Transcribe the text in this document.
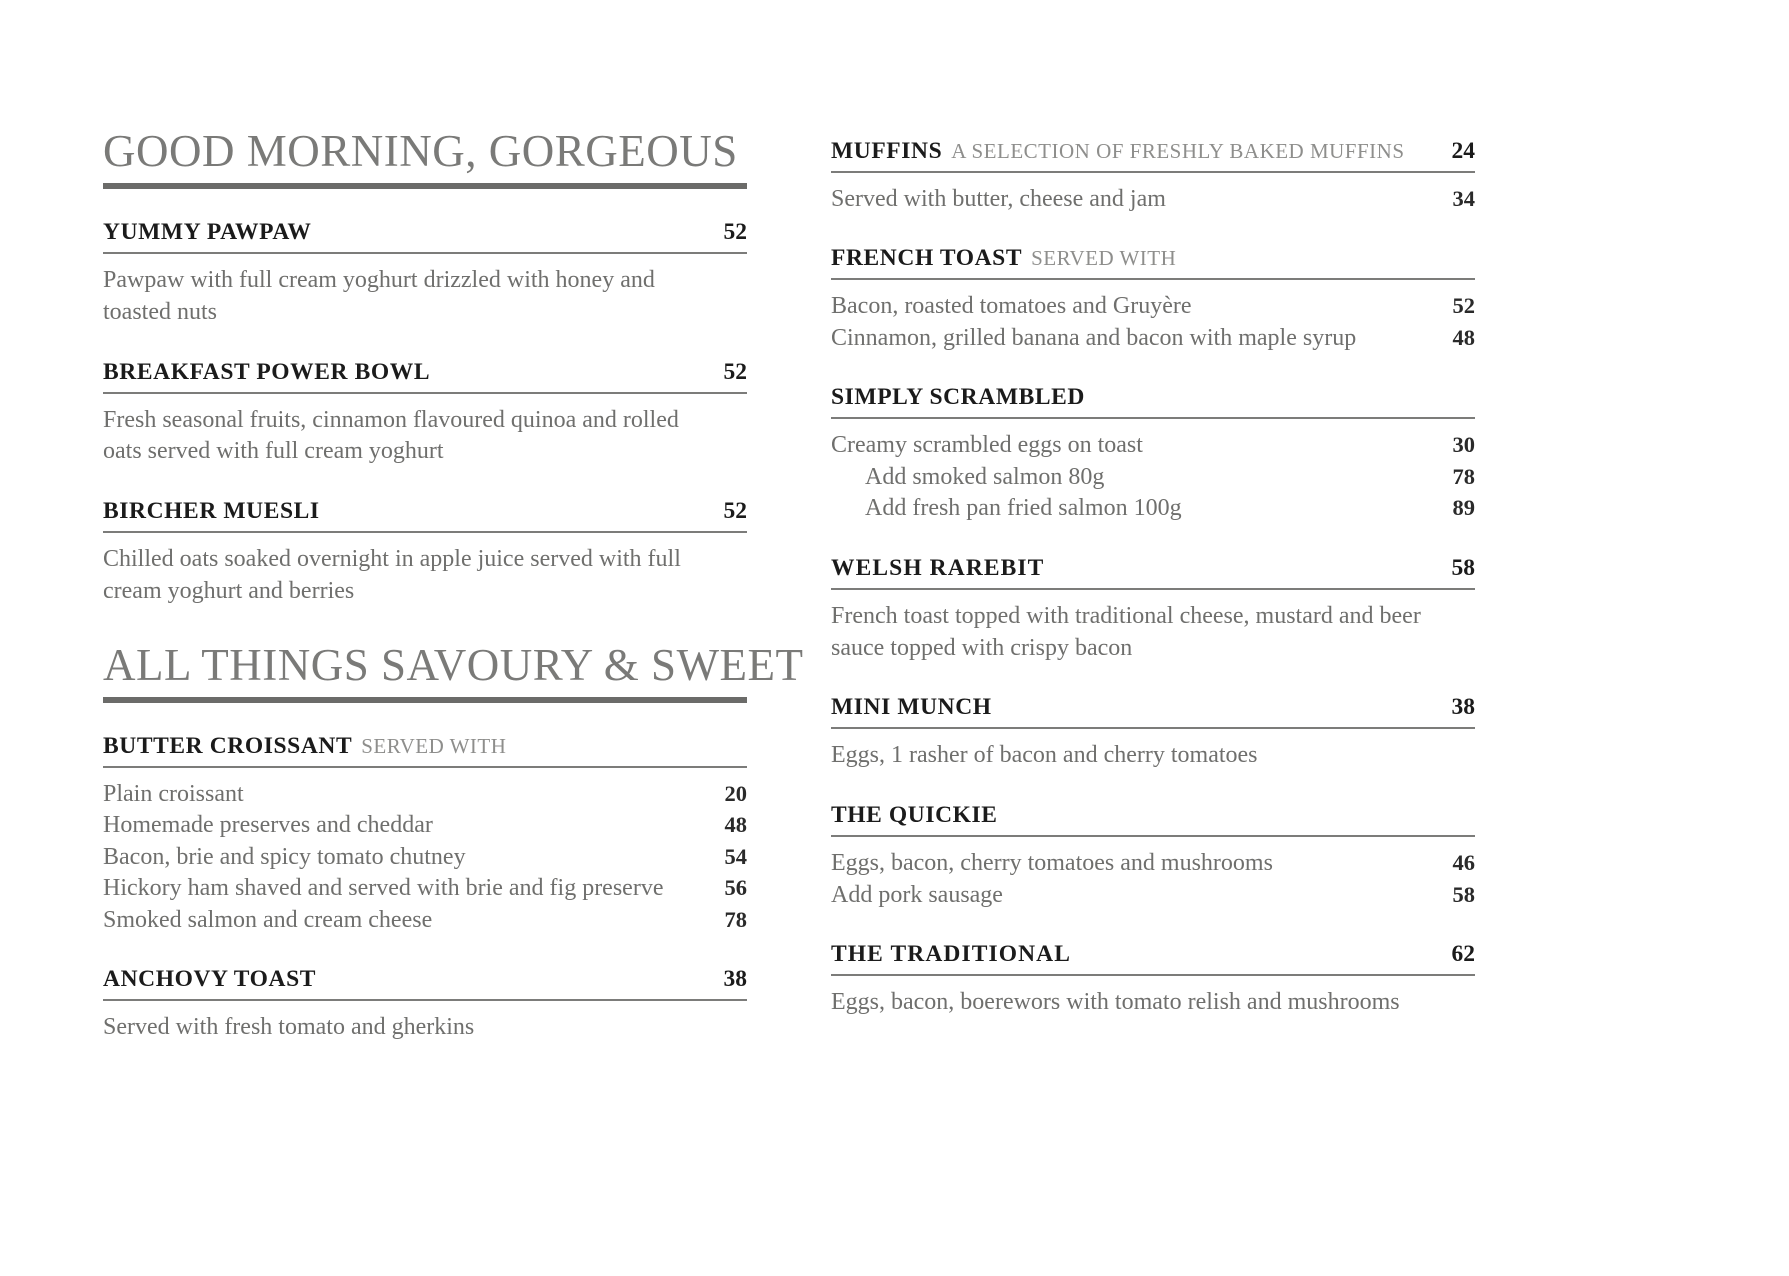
GOOD MORNING, GORGEOUS
YUMMY PAWPAW	52
Pawpaw with full cream yoghurt drizzled with honey and
toasted nuts
BREAKFAST POWER BOWL	52
Fresh seasonal fruits, cinnamon flavoured quinoa and rolled
oats served with full cream yoghurt
BIRCHER MUESLI	52
Chilled oats soaked overnight in apple juice served with full
cream yoghurt and berries
ALL THINGS SAVOURY & SWEET
BUTTER CROISSANT SERVED WITH
Plain croissant	20
Homemade preserves and cheddar	48
Bacon, brie and spicy tomato chutney	54
Hickory ham shaved and served with brie and fig preserve	56
Smoked salmon and cream cheese	78
ANCHOVY TOAST	38
Served with fresh tomato and gherkins
MUFFINS A SELECTION OF FRESHLY BAKED MUFFINS	24
Served with butter, cheese and jam	34
FRENCH TOAST SERVED WITH
Bacon, roasted tomatoes and Gruyère	52
Cinnamon, grilled banana and bacon with maple syrup	48
SIMPLY SCRAMBLED
Creamy scrambled eggs on toast	30
Add smoked salmon 80g	78
Add fresh pan fried salmon 100g	89
WELSH RAREBIT	58
French toast topped with traditional cheese, mustard and beer
sauce topped with crispy bacon
MINI MUNCH	38
Eggs, 1 rasher of bacon and cherry tomatoes
THE QUICKIE
Eggs, bacon, cherry tomatoes and mushrooms	46
Add pork sausage	58
THE TRADITIONAL	62
Eggs, bacon, boerewors with tomato relish and mushrooms
